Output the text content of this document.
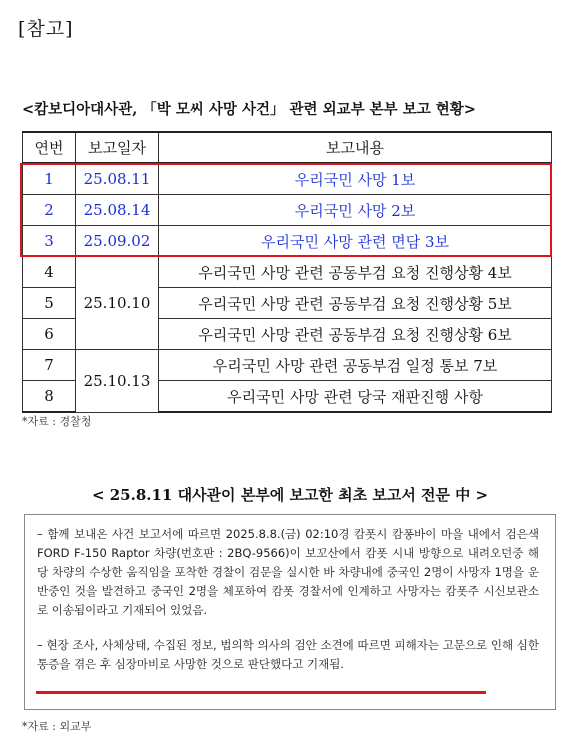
[참고]
<캄보디아대사관, 「박 모씨 사망 사건」 관련 외교부 본부 보고 현황>
연번	보고일자	보고내용
1	25.08.11	우리국민 사망 1보
2	25.08.14	우리국민 사망 2보
3	25.09.02	우리국민 사망 관련 면담 3보
4	25.10.10	우리국민 사망 관련 공동부검 요청 진행상황 4보
5		우리국민 사망 관련 공동부검 요청 진행상황 5보
6		우리국민 사망 관련 공동부검 요청 진행상황 6보
7	25.10.13	우리국민 사망 관련 공동부검 일정 통보 7보
8		우리국민 사망 관련 당국 재판진행 사항
*자료 : 경찰청
< 25.8.11 대사관이 본부에 보고한 최초 보고서 전문 中 >

– 함께 보내온 사건 보고서에 따르면 2025.8.8.(금) 02:10경 캄폿시 캄퐁바이 마을 내에서 검은색 FORD F-150 Raptor 차량(번호판 : 2BQ-9566)이 보꼬산에서 캄폿 시내 방향으로 내려오던중 해당 차량의 수상한 움직임을 포착한 경찰이 검문을 실시한 바 차량내에 중국인 2명이 사망자 1명을 운반중인 것을 발견하고 중국인 2명을 체포하여 캄폿 경찰서에 인계하고 사망자는 캄폿주 시신보관소로 이송됨이라고 기재되어 있었음.

– 현장 조사, 사체상태, 수집된 정보, 법의학 의사의 검안 소견에 따르면 피해자는 고문으로 인해 심한 통증을 겪은 후 심장마비로 사망한 것으로 판단했다고 기재됨.

*자료 : 외교부
